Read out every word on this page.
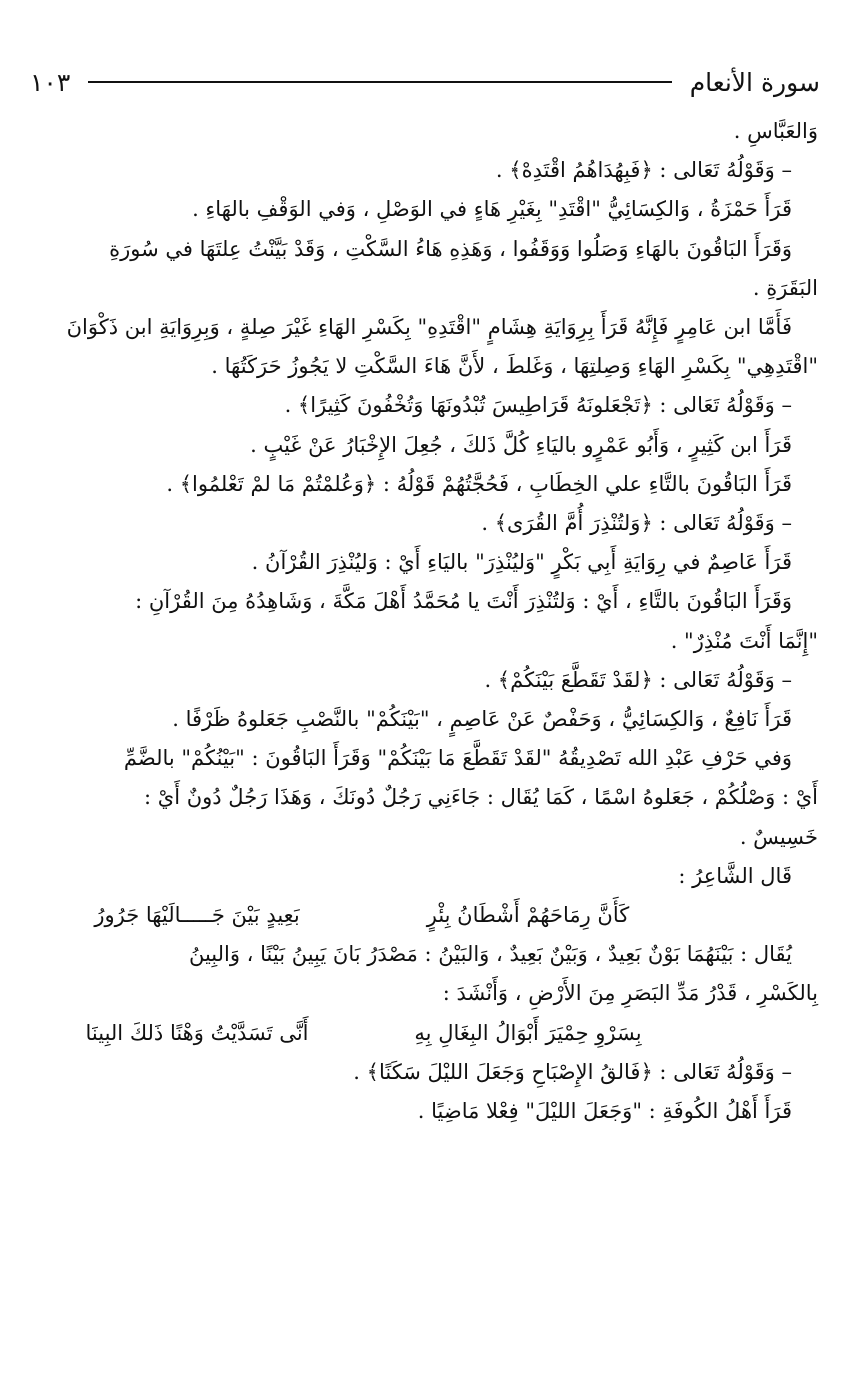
سورة الأنعام
١٠٣
وَالعَبَّاسِ .
– وَقَوْلُهُ تَعَالى : ﴿فَبِهُدَاهُمُ اقْتَدِهْ﴾ .
قَرَأَ حَمْزَةُ ، وَالكِسَائِيُّ "اقْتَدِ" بِغَيْرِ هَاءٍ في الوَصْلِ ، وَفي الوَقْفِ بالهَاءِ .
وَقَرَأَ البَاقُونَ بالهَاءِ وَصَلُوا وَوَقَفُوا ، وَهَذِهِ هَاءُ السَّكْتِ ، وَقَدْ بَيَّنْتُ عِلتَهَا في سُورَةِ
البَقَرَةِ .
فَأَمَّا ابن عَامِرٍ فَإِنَّهُ قَرَأَ بِرِوَايَةِ هِشَامٍ "اقْتَدِهِ" بِكَسْرِ الهَاءِ غَيْرَ صِلةٍ ، وَبِرِوَايَةِ ابن ذَكْوَانَ
"اقْتَدِهِي" بِكَسْرِ الهَاءِ وَصِلتِهَا ، وَغَلطَ ، لأَنَّ هَاءَ السَّكْتِ لا يَجُوزُ حَرَكَتُهَا .
– وَقَوْلُهُ تَعَالى : ﴿تَجْعَلونَهُ قَرَاطِيسَ تُبْدُونَهَا وَتُخْفُونَ كَثِيرًا﴾ .
قَرَأَ ابن كَثِيرٍ ، وَأَبُو عَمْرٍو باليَاءِ كُلَّ ذَلكَ ، جُعِلَ الإِخْبَارُ عَنْ غَيْبٍ .
قَرَأَ البَاقُونَ بالتَّاءِ علي الخِطَابِ ، فَحُجَّتُهُمْ قَوْلُهُ : ﴿وَعُلمْتُمْ مَا لمْ تَعْلمُوا﴾ .
– وَقَوْلُهُ تَعَالى : ﴿وَلتُنْذِرَ أُمَّ القُرَى﴾ .
قَرَأَ عَاصِمٌ في رِوَايَةِ أَبِي بَكْرٍ "وَليُنْذِرَ" باليَاءِ أَيْ : وَليُنْذِرَ القُرْآنُ .
وَقَرَأَ البَاقُونَ بالتَّاءِ ، أَيْ : وَلتُنْذِرَ أَنْتَ يا مُحَمَّدُ أَهْلَ مَكَّةَ ، وَشَاهِدُهُ مِنَ القُرْآنِ :
"إِنَّمَا أَنْتَ مُنْذِرٌ" .
– وَقَوْلُهُ تَعَالى : ﴿لقَدْ تَقَطَّعَ بَيْنَكُمْ﴾ .
قَرَأَ نَافِعٌ ، وَالكِسَائِيُّ ، وَحَفْصٌ عَنْ عَاصِمٍ ، "بَيْنَكُمْ" بالنَّصْبِ جَعَلوهُ ظَرْفًا .
وَفي حَرْفِ عَبْدِ الله تَصْدِيقُهُ "لقَدْ تَقَطَّعَ مَا بَيْنَكُمْ" وَقَرَأَ البَاقُونَ : "بَيْنُكُمْ" بالضَّمِّ
أَيْ : وَصْلُكُمْ ، جَعَلوهُ اسْمًا ، كَمَا يُقَال : جَاءَنِي رَجُلٌ دُونَكَ ، وَهَذَا رَجُلٌ دُونٌ أَيْ :
خَسِيسٌ .
قَال الشَّاعِرُ :
كَأَنَّ رِمَاحَهُمْ أَشْطَانُ بِئْرٍ
بَعِيدٍ بَيْنَ جَـــــالَيْهَا جَرُورُ
يُقَال : بَيْنَهُمَا بَوْنٌ بَعِيدٌ ، وَبَيْنٌ بَعِيدٌ ، وَالبَيْنُ : مَصْدَرُ بَانَ يَبِينُ بَيْنًا ، وَالبِينُ
بِالكَسْرِ ، قَدْرُ مَدِّ البَصَرِ مِنَ الأَرْضِ ، وَأَنْشَدَ :
بِسَرْوِ حِمْيَرَ أَبْوَالُ البِغَالِ بِهِ
أَنَّى تَسَدَّيْتُ وَهْنًا ذَلكَ البِينَا
– وَقَوْلُهُ تَعَالى : ﴿فَالقُ الإِصْبَاحِ وَجَعَلَ الليْلَ سَكَنًا﴾ .
قَرَأَ أَهْلُ الكُوفَةِ : "وَجَعَلَ الليْلَ" فِعْلا مَاضِيًا .
